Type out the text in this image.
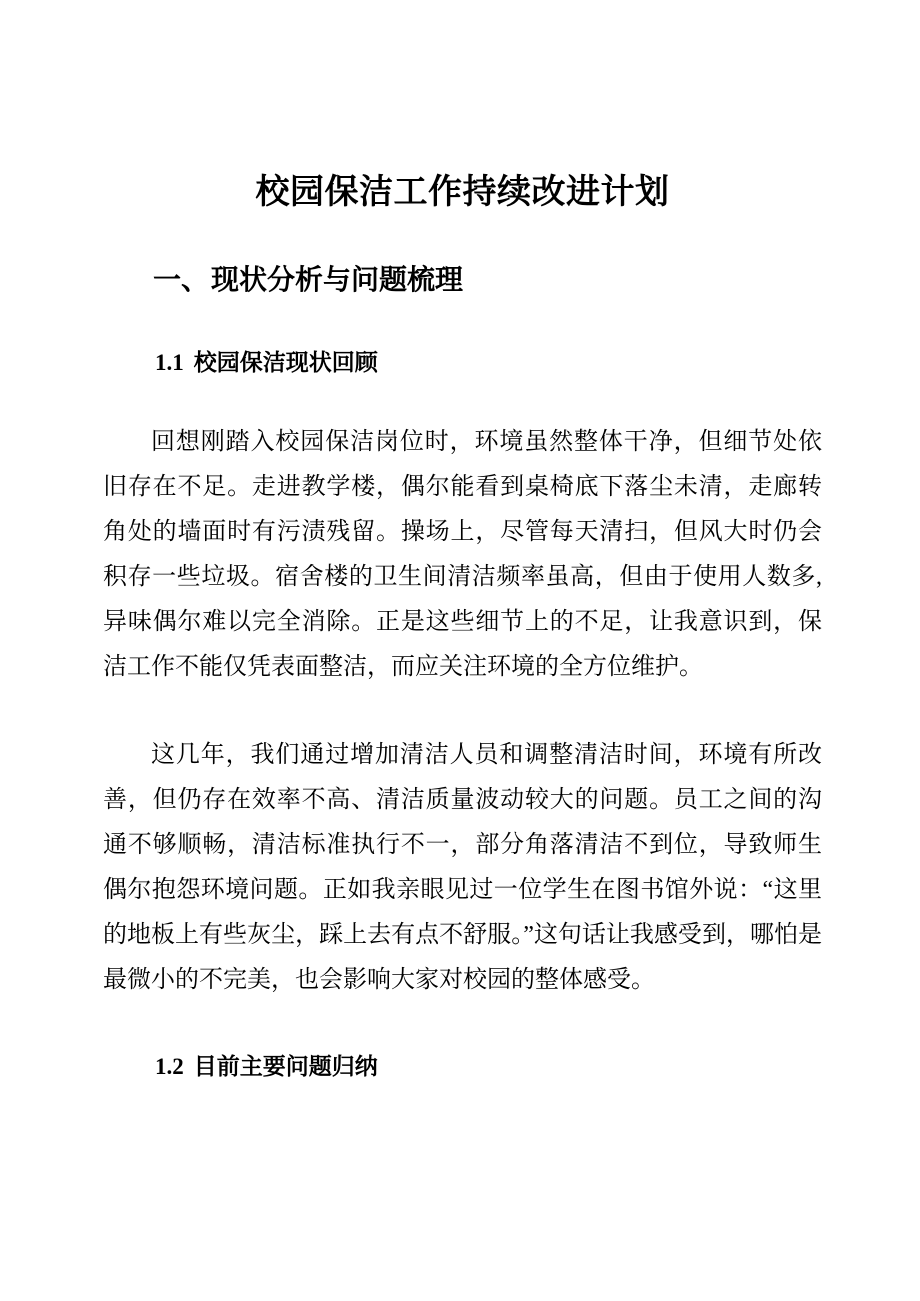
校园保洁工作持续改进计划
一、现状分析与问题梳理
1.1 校园保洁现状回顾

回想刚踏入校园保洁岗位时，环境虽然整体干净，但细节处依旧存在不足。走进教学楼，偶尔能看到桌椅底下落尘未清，走廊转角处的墙面时有污渍残留。操场上，尽管每天清扫，但风大时仍会积存一些垃圾。宿舍楼的卫生间清洁频率虽高，但由于使用人数多,异味偶尔难以完全消除。正是这些细节上的不足，让我意识到，保洁工作不能仅凭表面整洁，而应关注环境的全方位维护。

这几年，我们通过增加清洁人员和调整清洁时间，环境有所改善，但仍存在效率不高、清洁质量波动较大的问题。员工之间的沟通不够顺畅，清洁标准执行不一，部分角落清洁不到位，导致师生偶尔抱怨环境问题。正如我亲眼见过一位学生在图书馆外说：“这里的地板上有些灰尘，踩上去有点不舒服。”这句话让我感受到，哪怕是最微小的不完美，也会影响大家对校园的整体感受。

1.2 目前主要问题归纳
